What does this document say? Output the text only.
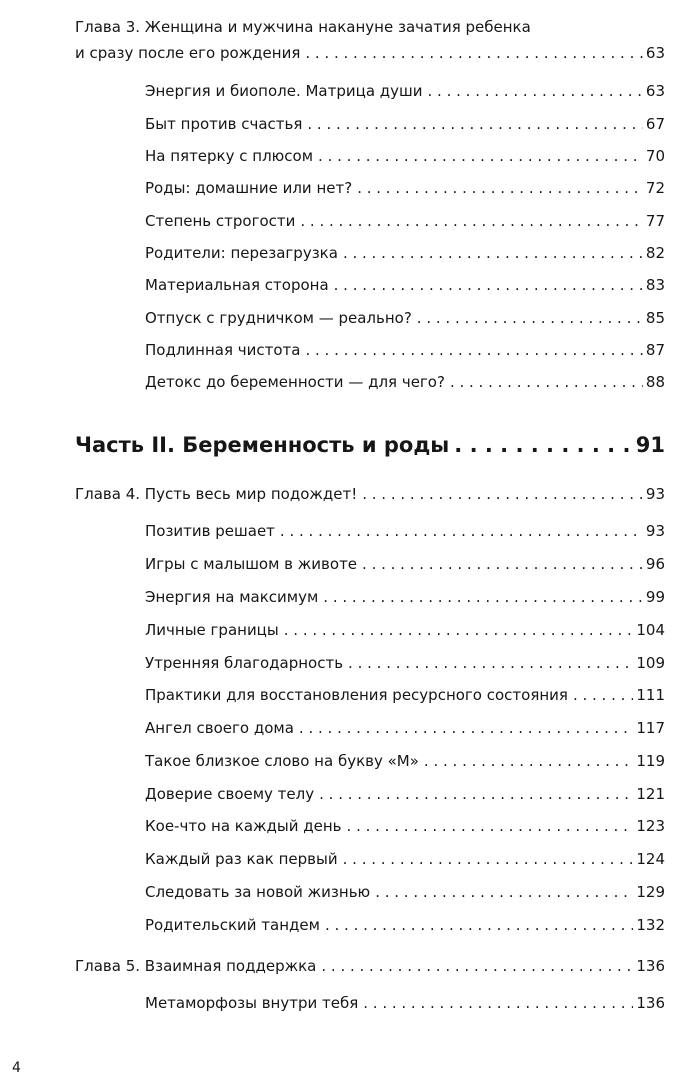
Глава 3. Женщина и мужчина накануне зачатия ребенка
и сразу после его рождения . . .	63
Энергия и биополе. Матрица души . . .	63
Быт против счастья . . .	67
На пятерку с плюсом . . .	70
Роды: домашние или нет? . . .	72
Степень строгости . . .	77
Родители: перезагрузка . . .	82
Материальная сторона . . .	83
Отпуск с грудничком — реально? . . .	85
Подлинная чистота . . .	87
Детокс до беременности — для чего? . . .	88
Часть II. Беременность и роды . . .	91
Глава 4. Пусть весь мир подождет! . . .	93
Позитив решает . . .	93
Игры с малышом в животе . . .	96
Энергия на максимум . . .	99
Личные границы . . .	104
Утренняя благодарность . . .	109
Практики для восстановления ресурсного состояния . . .	111
Ангел своего дома . . .	117
Такое близкое слово на букву «М» . . .	119
Доверие своему телу . . .	121
Кое-что на каждый день . . .	123
Каждый раз как первый . . .	124
Следовать за новой жизнью . . .	129
Родительский тандем . . .	132
Глава 5. Взаимная поддержка . . .	136
Метаморфозы внутри тебя . . .	136
4
